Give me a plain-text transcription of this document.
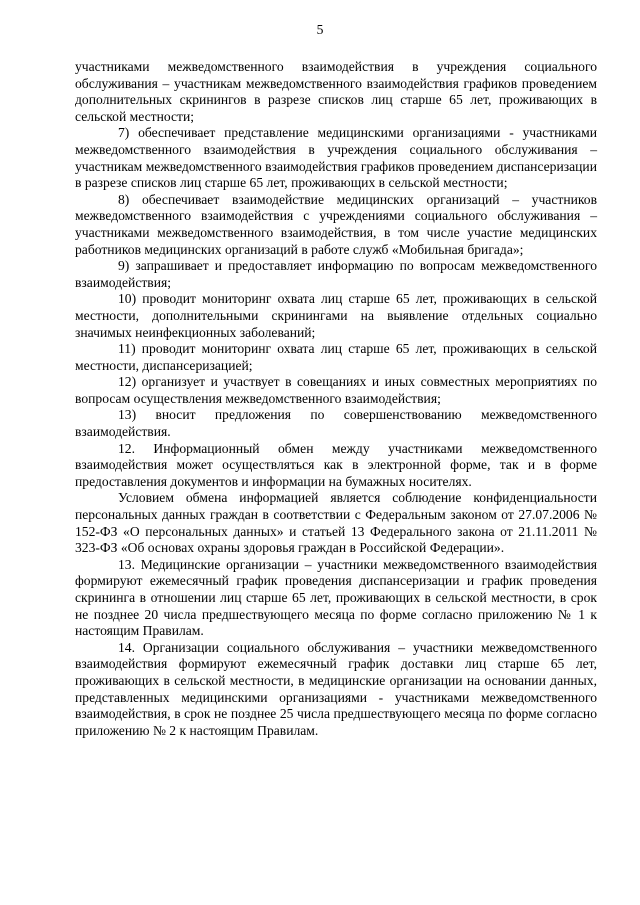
5

участниками межведомственного взаимодействия в учреждения социального обслуживания – участникам межведомственного взаимодействия графиков проведением дополнительных скринингов в разрезе списков лиц старше 65 лет, проживающих в сельской местности;

7) обеспечивает представление медицинскими организациями - участниками межведомственного взаимодействия в учреждения социального обслуживания – участникам межведомственного взаимодействия графиков проведением диспансеризации в разрезе списков лиц старше 65 лет, проживающих в сельской местности;

8) обеспечивает взаимодействие медицинских организаций – участников межведомственного взаимодействия с учреждениями социального обслуживания – участниками межведомственного взаимодействия, в том числе участие медицинских работников медицинских организаций в работе служб «Мобильная бригада»;

9) запрашивает и предоставляет информацию по вопросам межведомственного взаимодействия;

10) проводит мониторинг охвата лиц старше 65 лет, проживающих в сельской местности, дополнительными скринингами на выявление отдельных социально значимых неинфекционных заболеваний;

11) проводит мониторинг охвата лиц старше 65 лет, проживающих в сельской местности, диспансеризацией;

12) организует и участвует в совещаниях и иных совместных мероприятиях по вопросам осуществления межведомственного взаимодействия;

13) вносит предложения по совершенствованию межведомственного взаимодействия.

12. Информационный обмен между участниками межведомственного взаимодействия может осуществляться как в электронной форме, так и в форме предоставления документов и информации на бумажных носителях.

Условием обмена информацией является соблюдение конфиденциальности персональных данных граждан в соответствии с Федеральным законом от 27.07.2006 № 152-ФЗ «О персональных данных» и статьей 13 Федерального закона от 21.11.2011 № 323-ФЗ «Об основах охраны здоровья граждан в Российской Федерации».

13. Медицинские организации – участники межведомственного взаимодействия формируют ежемесячный график проведения диспансеризации и график проведения скрининга в отношении лиц старше 65 лет, проживающих в сельской местности, в срок не позднее 20 числа предшествующего месяца по форме согласно приложению № 1 к настоящим Правилам.

14. Организации социального обслуживания – участники межведомственного взаимодействия формируют ежемесячный график доставки лиц старше 65 лет, проживающих в сельской местности, в медицинские организации на основании данных, представленных медицинскими организациями - участниками межведомственного взаимодействия, в срок не позднее 25 числа предшествующего месяца по форме согласно приложению № 2 к настоящим Правилам.
